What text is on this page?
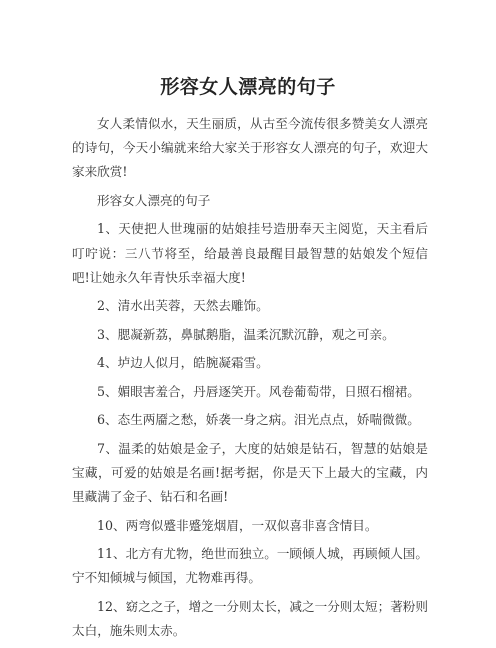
形容女人漂亮的句子

女人柔情似水，天生丽质，从古至今流传很多赞美女人漂亮的诗句，今天小编就来给大家关于形容女人漂亮的句子，欢迎大家来欣赏!

形容女人漂亮的句子

1、天使把人世瑰丽的姑娘挂号造册奉天主阅览，天主看后叮咛说：三八节将至，给最善良最醒目最智慧的姑娘发个短信吧!让她永久年青快乐幸福大度!

2、清水出芙蓉，天然去雕饰。

3、腮凝新荔，鼻腻鹅脂，温柔沉默沉静，观之可亲。

4、垆边人似月，皓腕凝霜雪。

5、媚眼害羞合，丹唇逐笑开。风卷葡萄带，日照石榴裙。

6、态生两靥之愁，娇袭一身之病。泪光点点，娇喘微微。

7、温柔的姑娘是金子，大度的姑娘是钻石，智慧的姑娘是宝藏，可爱的姑娘是名画!据考据，你是天下上最大的宝藏，内里藏满了金子、钻石和名画!

10、两弯似蹙非蹙笼烟眉，一双似喜非喜含情目。

11、北方有尤物，绝世而独立。一顾倾人城，再顾倾人国。宁不知倾城与倾国，尤物难再得。

12、窈之之子，增之一分则太长，减之一分则太短；著粉则太白，施朱则太赤。
